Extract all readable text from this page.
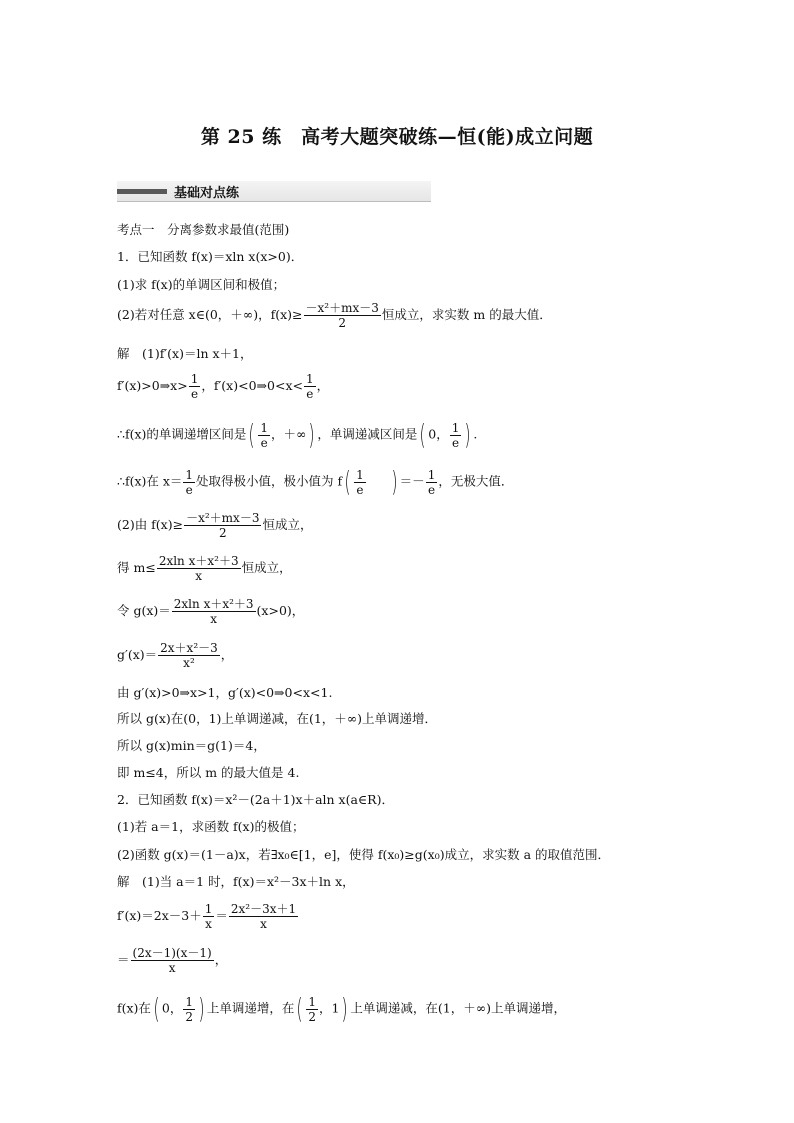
第 25 练　高考大题突破练—恒(能)成立问题
基础对点练
考点一　分离参数求最值(范围)
1．已知函数 f(x)＝xln x(x>0)．
(1)求 f(x)的单调区间和极值；
(2)若对任意 x∈(0，＋∞)，$f(x)\ge \frac{\text{－x²＋mx－3}}{2}$ 恒成立，求实数 m 的最大值．
解　(1)f′(x)＝ln x＋1，
f′(x)>0⇒x> $\frac{1}{e}$ ，f′(x)<0⇒0<x< $\frac{1}{e}$ ，
∴f(x)的单调递增区间是( $\frac{1}{e}$ ，＋∞) ，单调递减区间是( 0， $\frac{1}{e}$ ) .
∴f(x)在 $x= \frac{1}{e}$ 处取得极小值，极小值为 $f( \frac{1}{e}$ ) ＝－ $\frac{1}{e}$ ，无极大值．
(2)由 $f(x)\ge \frac{\text{－x²＋mx－3}}{2}$ 恒成立，
得 $m\le \frac{\text{2xln x＋x²＋3}}{x}$ 恒成立，
令 $g(x)= \frac{\text{2xln x＋x²＋3}}{x} (x>0)$，
$g'(x)= \frac{\text{2x＋x²－3}}{\text{x²}}$ ，
由 g′(x)>0⇒x>1，g′(x)<0⇒0<x<1.
所以 g(x)在(0，1)上单调递减，在(1，＋∞)上单调递增．
所以 g(x)min＝g(1)＝4，
即 m≤4，所以 m 的最大值是 4.
2．已知函数 f(x)＝x²－(2a＋1)x＋aln x(a∈R)．
(1)若 a＝1，求函数 f(x)的极值；
(2)函数 g(x)＝(1－a)x，若∃x₀∈[1，e]，使得 f(x₀)≥g(x₀)成立，求实数 a 的取值范围．
解　(1)当 a＝1 时，f(x)＝x²－3x＋ln x，
$f'(x)=2x-3+ \frac{1}{x} = \frac{\text{2x²－3x＋1}}{x}$
＝ $\frac{(2x-1)(x-1)}{x}$ ，
f(x)在( 0， $\frac{1}{2}$ ) 上单调递增，在( $\frac{1}{2}$ ，1) 上单调递减，在(1，＋∞)上单调递增，
